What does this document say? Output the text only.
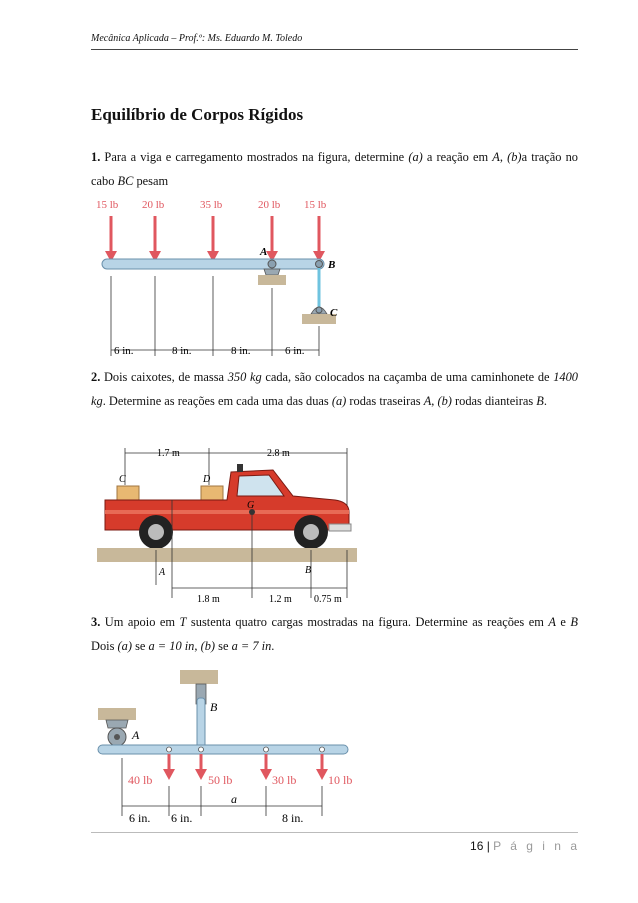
Mecânica Aplicada – Prof.º: Ms. Eduardo M. Toledo
Equilíbrio de Corpos Rígidos
1. Para a viga e carregamento mostrados na figura, determine (a) a reação em A, (b)a tração no cabo BC pesam
15 lb 20 lb	35 lb	20 lb 15 lb
A
B
C
6 in.	8 in.	8 in.	6 in.
2. Dois caixotes, de massa 350 kg cada, são colocados na caçamba de uma caminhonete de 1400 kg. Determine as reações em cada uma das duas (a) rodas traseiras A, (b) rodas dianteiras B.
1.7 m	2.8 m
C	D
G
A	B
1.8 m	1.2 m 0.75 m
3. Um apoio em T sustenta quatro cargas mostradas na figura. Determine as reações em A e B Dois (a) se a = 10 in, (b) se a = 7 in.
B
A
40 lb	50 lb	30 lb	10 lb
a
6 in. 6 in.	8 in.
16 | P á g i n a
